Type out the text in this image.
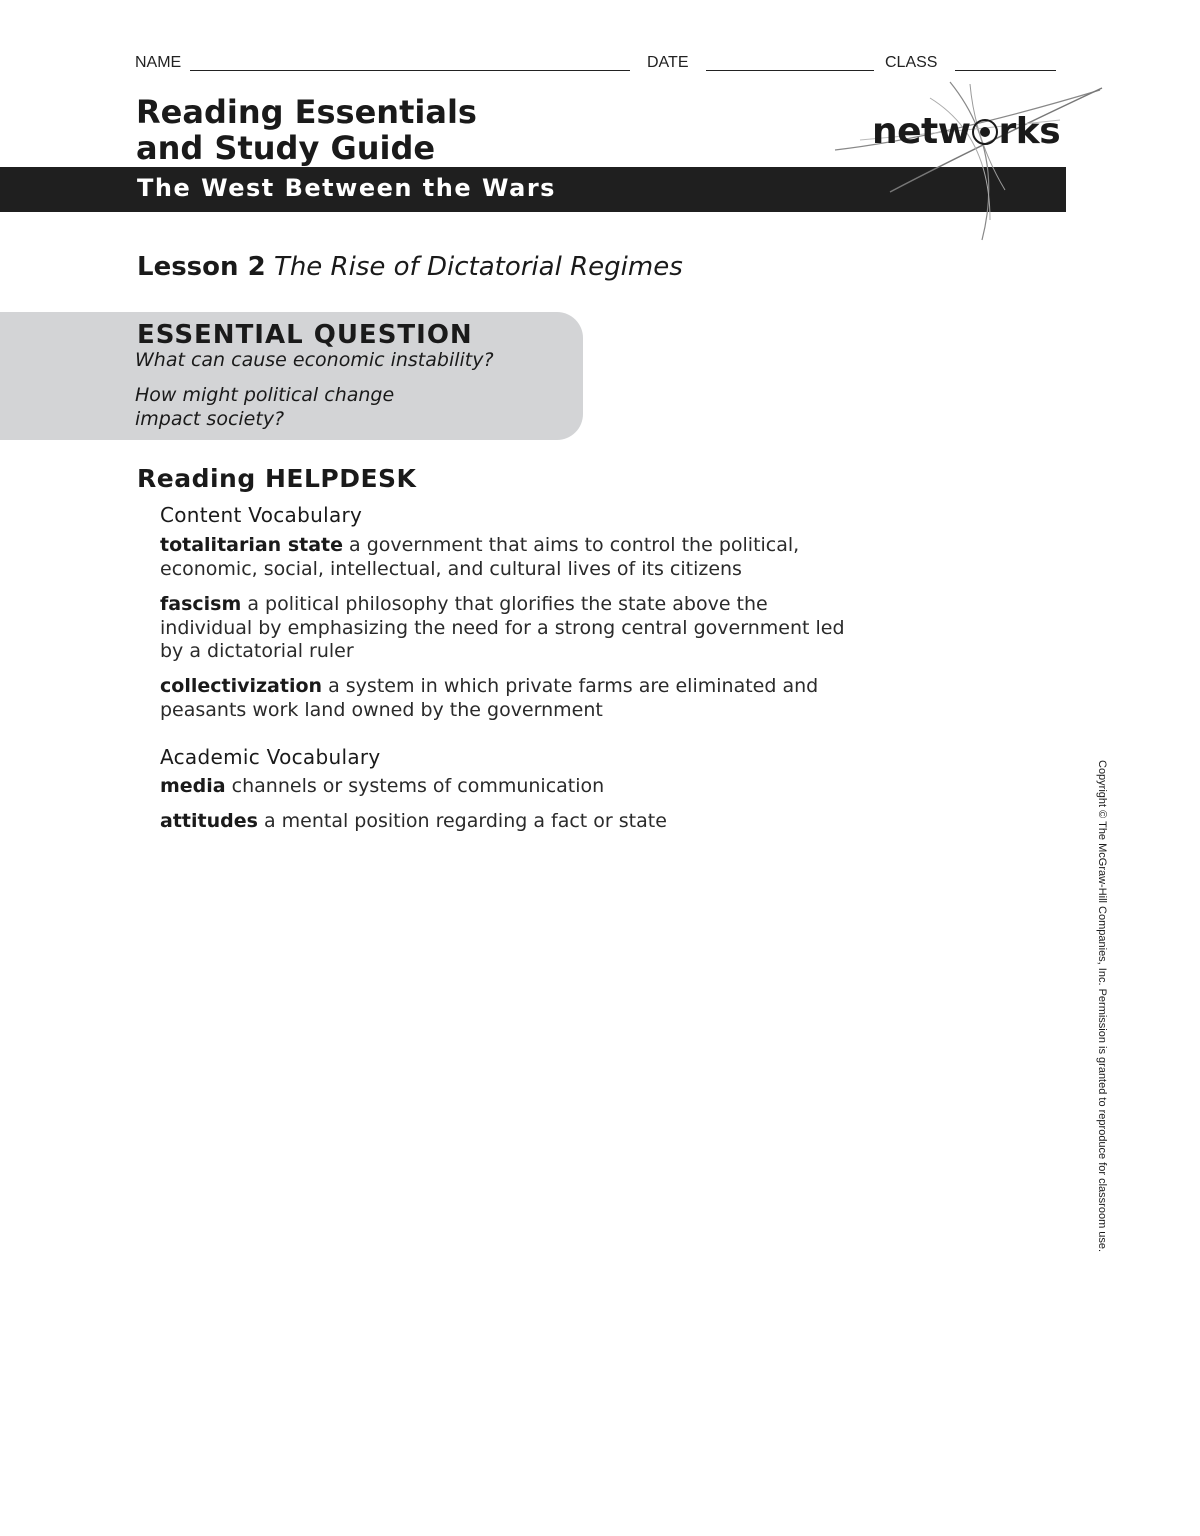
NAME	DATE	CLASS
Reading Essentials
and Study Guide
The West Between the Wars
netw rks
Lesson 2 The Rise of Dictatorial Regimes
ESSENTIAL QUESTION
What can cause economic instability?
How might political change
impact society?
Reading HELPDESK
Content Vocabulary
totalitarian state a government that aims to control the political, economic, social, intellectual, and cultural lives of its citizens
fascism a political philosophy that glorifies the state above the individual by emphasizing the need for a strong central government led by a dictatorial ruler
collectivization a system in which private farms are eliminated and peasants work land owned by the government
Academic Vocabulary
media channels or systems of communication
attitudes a mental position regarding a fact or state	Copyright © The McGraw-Hill Companies, Inc. Permission is granted to reproduce for classroom use.
